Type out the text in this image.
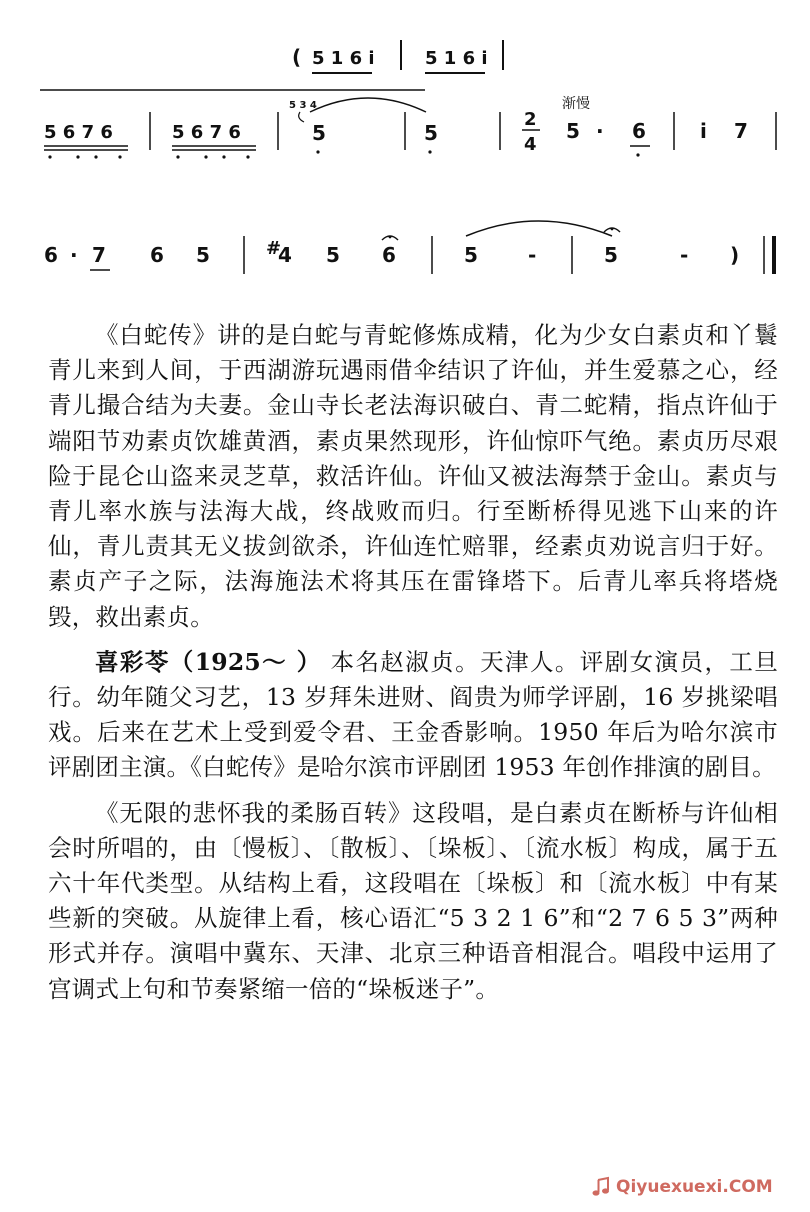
( 5 1 6 i	5 1 6 i
5 6 7 6	5 6 7 6
5 3 4
5	5
2
4
渐慢
5 · 6	i 7
6 · 7 6 5	#
4 5 6	5	-	5	- )

《白蛇传》讲的是白蛇与青蛇修炼成精，化为少女白素贞和丫鬟青儿来到人间，于西湖游玩遇雨借伞结识了许仙，并生爱慕之心，经青儿撮合结为夫妻。金山寺长老法海识破白、青二蛇精，指点许仙于端阳节劝素贞饮雄黄酒，素贞果然现形，许仙惊吓气绝。素贞历尽艰险于昆仑山盗来灵芝草，救活许仙。许仙又被法海禁于金山。素贞与青儿率水族与法海大战，终战败而归。行至断桥得见逃下山来的许仙，青儿责其无义拔剑欲杀，许仙连忙赔罪，经素贞劝说言归于好。素贞产子之际，法海施法术将其压在雷锋塔下。后青儿率兵将塔烧毁，救出素贞。

喜彩苓（1925～ ） 本名赵淑贞。天津人。评剧女演员，工旦行。幼年随父习艺，13 岁拜朱进财、阎贵为师学评剧，16 岁挑梁唱戏。后来在艺术上受到爱令君、王金香影响。1950 年后为哈尔滨市评剧团主演。《白蛇传》是哈尔滨市评剧团 1953 年创作排演的剧目。

《无限的悲怀我的柔肠百转》这段唱，是白素贞在断桥与许仙相会时所唱的，由〔慢板〕、〔散板〕、〔垛板〕、〔流水板〕构成，属于五六十年代类型。从结构上看，这段唱在〔垛板〕和〔流水板〕中有某些新的突破。从旋律上看，核心语汇“5 3 2 1 6”和“2 7 6 5 3”两种形式并存。演唱中冀东、天津、北京三种语音相混合。唱段中运用了宫调式上句和节奏紧缩一倍的“垛板迷子”。

Qiyuexuexi.COM
